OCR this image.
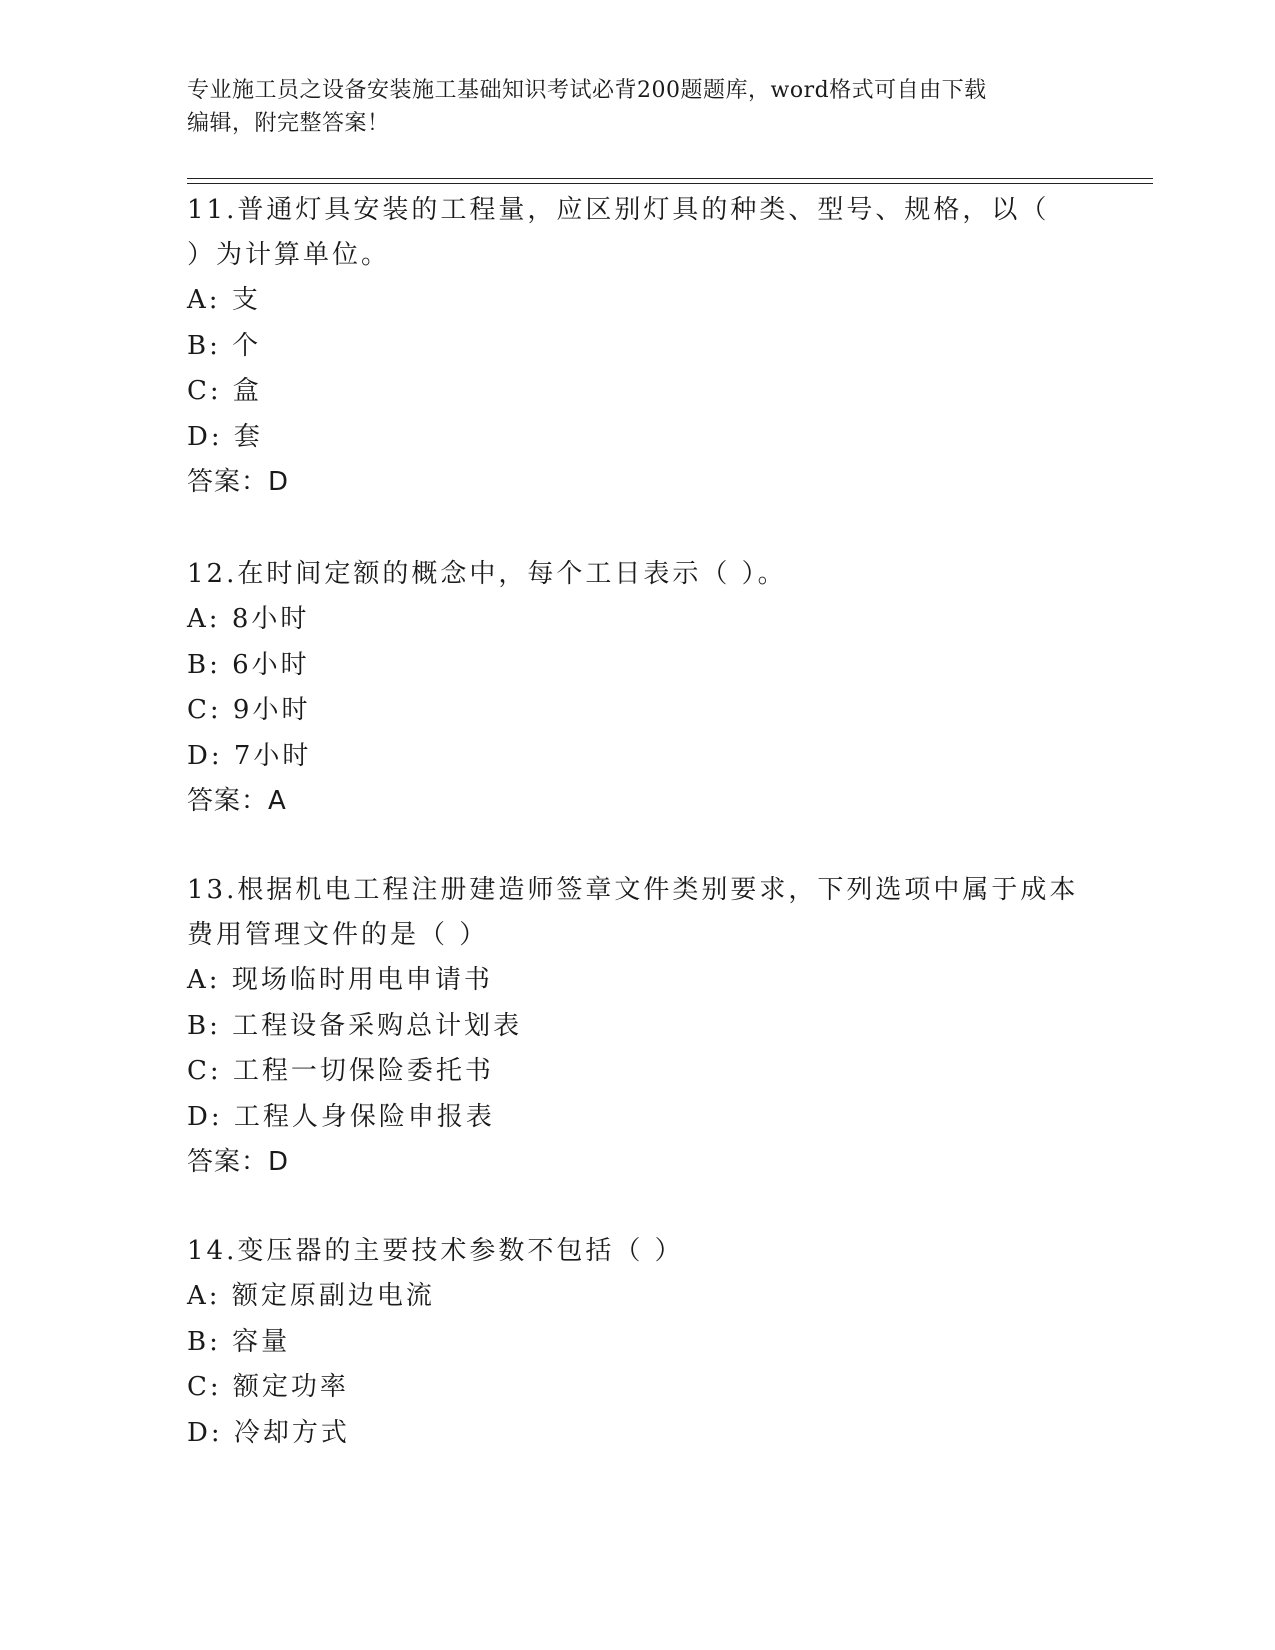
专业施工员之设备安装施工基础知识考试必背200题题库，word格式可自由下载
编辑，附完整答案！
11.普通灯具安装的工程量，应区别灯具的种类、型号、规格，以（
）为计算单位。
A: 支
B: 个
C: 盒
D: 套
答案：D
12.在时间定额的概念中，每个工日表示（ ）。
A: 8小时
B: 6小时
C: 9小时
D: 7小时
答案：A
13.根据机电工程注册建造师签章文件类别要求，下列选项中属于成本
费用管理文件的是（ ）
A: 现场临时用电申请书
B: 工程设备采购总计划表
C: 工程一切保险委托书
D: 工程人身保险申报表
答案：D
14.变压器的主要技术参数不包括（ ）
A: 额定原副边电流
B: 容量
C: 额定功率
D: 冷却方式
